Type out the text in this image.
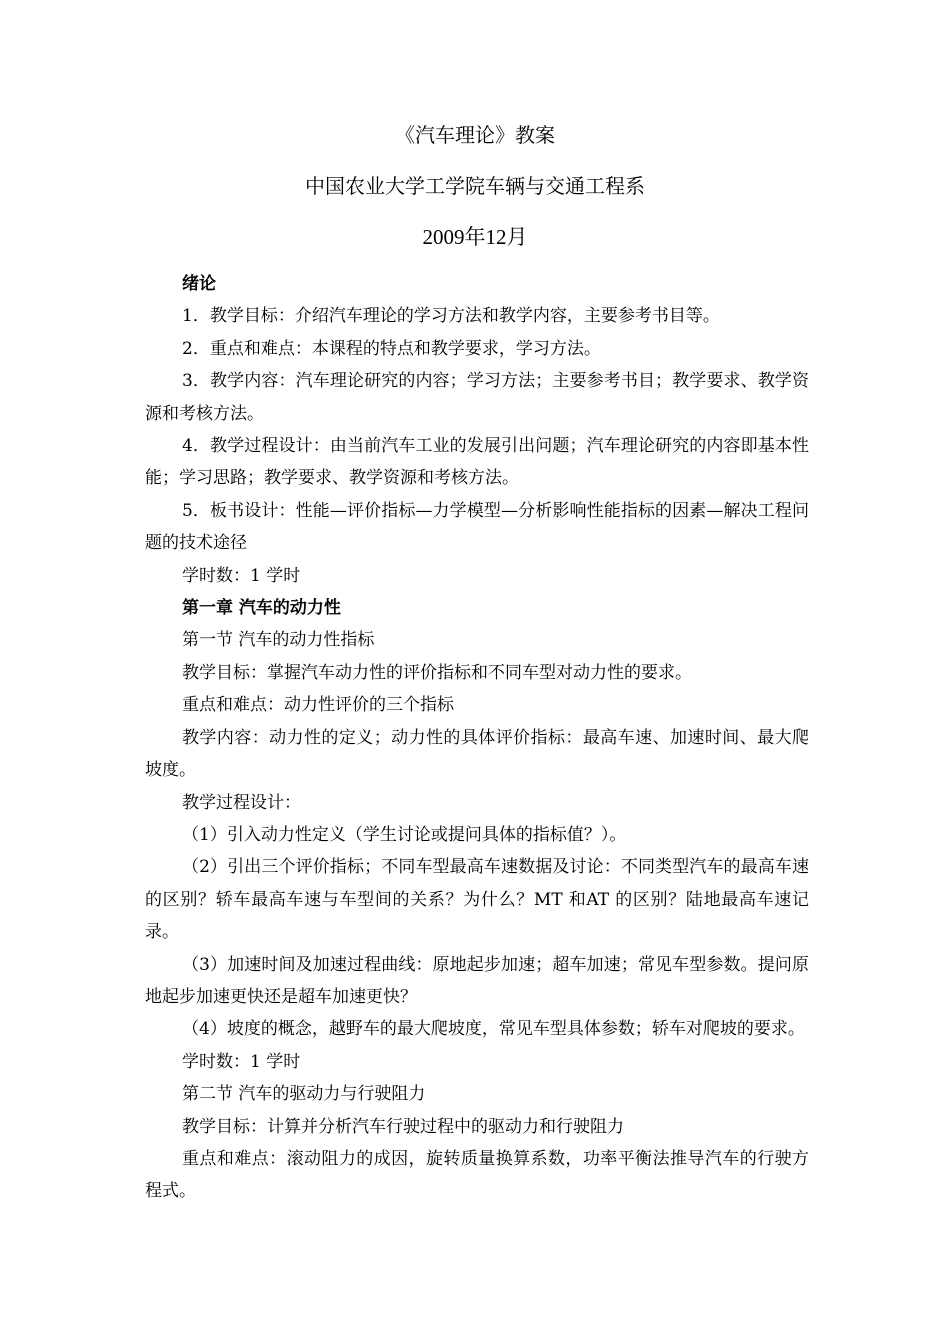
《汽车理论》教案
中国农业大学工学院车辆与交通工程系
2009年12月

绪论

1．教学目标：介绍汽车理论的学习方法和教学内容，主要参考书目等。

2．重点和难点：本课程的特点和教学要求，学习方法。

3．教学内容：汽车理论研究的内容；学习方法；主要参考书目；教学要求、教学资源和考核方法。

4．教学过程设计：由当前汽车工业的发展引出问题；汽车理论研究的内容即基本性能；学习思路；教学要求、教学资源和考核方法。

5．板书设计：性能—评价指标—力学模型—分析影响性能指标的因素—解决工程问题的技术途径

学时数：1 学时

第一章 汽车的动力性

第一节 汽车的动力性指标

教学目标：掌握汽车动力性的评价指标和不同车型对动力性的要求。

重点和难点：动力性评价的三个指标

教学内容：动力性的定义；动力性的具体评价指标：最高车速、加速时间、最大爬坡度。

教学过程设计：

（1）引入动力性定义（学生讨论或提问具体的指标值？）。

（2）引出三个评价指标；不同车型最高车速数据及讨论：不同类型汽车的最高车速的区别？轿车最高车速与车型间的关系？为什么？MT 和AT 的区别？陆地最高车速记录。

（3）加速时间及加速过程曲线：原地起步加速；超车加速；常见车型参数。提问原地起步加速更快还是超车加速更快？

（4）坡度的概念，越野车的最大爬坡度，常见车型具体参数；轿车对爬坡的要求。

学时数：1 学时

第二节 汽车的驱动力与行驶阻力

教学目标：计算并分析汽车行驶过程中的驱动力和行驶阻力

重点和难点：滚动阻力的成因，旋转质量换算系数，功率平衡法推导汽车的行驶方程式。
